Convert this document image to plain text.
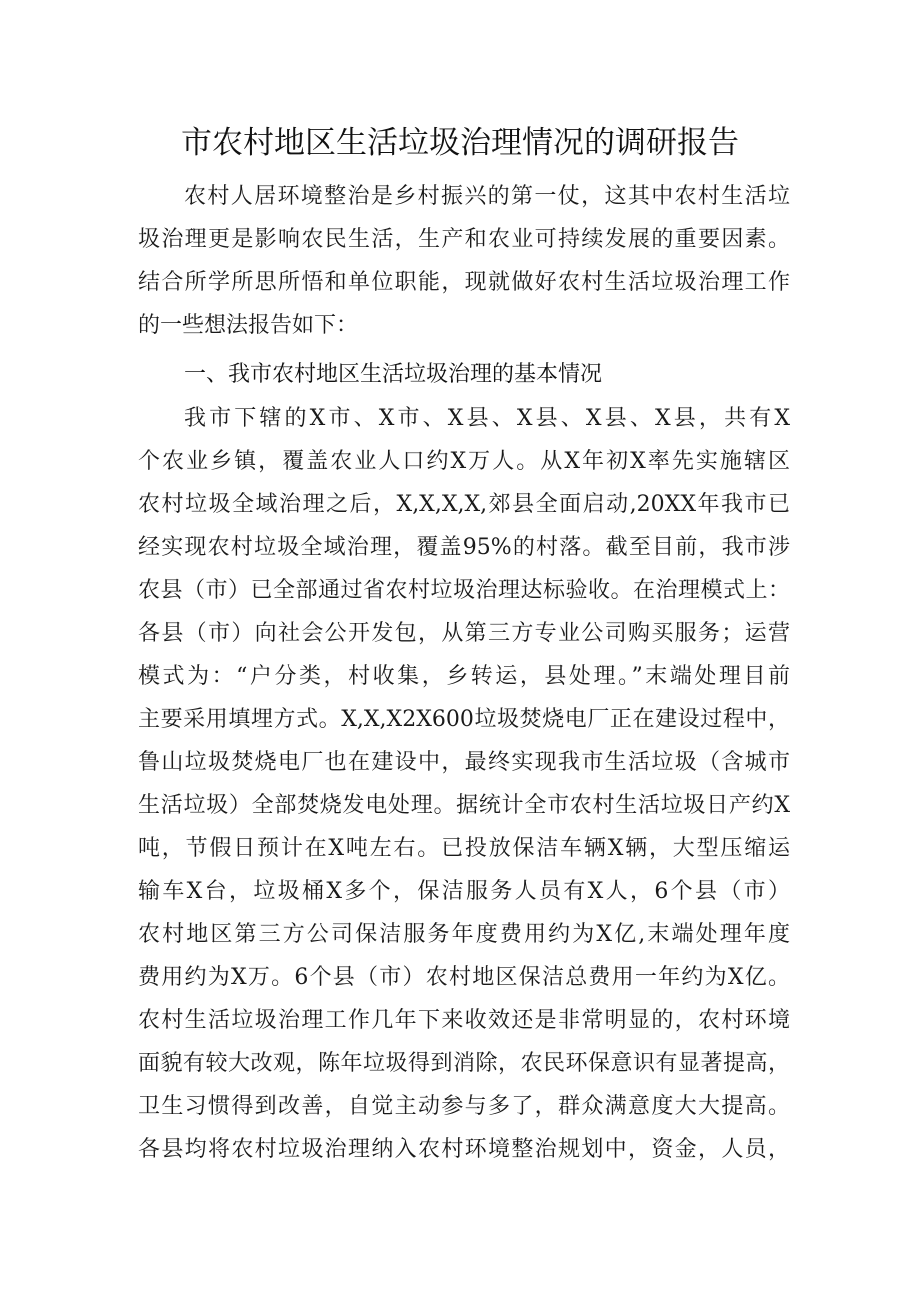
市农村地区生活垃圾治理情况的调研报告
农村人居环境整治是乡村振兴的第一仗，这其中农村生活垃
圾治理更是影响农民生活，生产和农业可持续发展的重要因素。
结合所学所思所悟和单位职能，现就做好农村生活垃圾治理工作
的一些想法报告如下：
一、我市农村地区生活垃圾治理的基本情况
我市下辖的X市、X市、X县、X县、X县、X县，共有X
个农业乡镇，覆盖农业人口约X万人。从X年初X率先实施辖区
农村垃圾全域治理之后，X,X,X,X,郊县全面启动,20XX年我市已
经实现农村垃圾全域治理，覆盖95%的村落。截至目前，我市涉
农县（市）已全部通过省农村垃圾治理达标验收。在治理模式上：
各县（市）向社会公开发包，从第三方专业公司购买服务；运营
模式为：“户分类，村收集，乡转运，县处理。”末端处理目前
主要采用填埋方式。X,X,X2X600垃圾焚烧电厂正在建设过程中，
鲁山垃圾焚烧电厂也在建设中，最终实现我市生活垃圾（含城市
生活垃圾）全部焚烧发电处理。据统计全市农村生活垃圾日产约X
吨，节假日预计在X吨左右。已投放保洁车辆X辆，大型压缩运
输车X台，垃圾桶X多个，保洁服务人员有X人，6个县（市）
农村地区第三方公司保洁服务年度费用约为X亿,末端处理年度
费用约为X万。6个县（市）农村地区保洁总费用一年约为X亿。
农村生活垃圾治理工作几年下来收效还是非常明显的，农村环境
面貌有较大改观，陈年垃圾得到消除，农民环保意识有显著提高，
卫生习惯得到改善，自觉主动参与多了，群众满意度大大提高。
各县均将农村垃圾治理纳入农村环境整治规划中，资金，人员，
